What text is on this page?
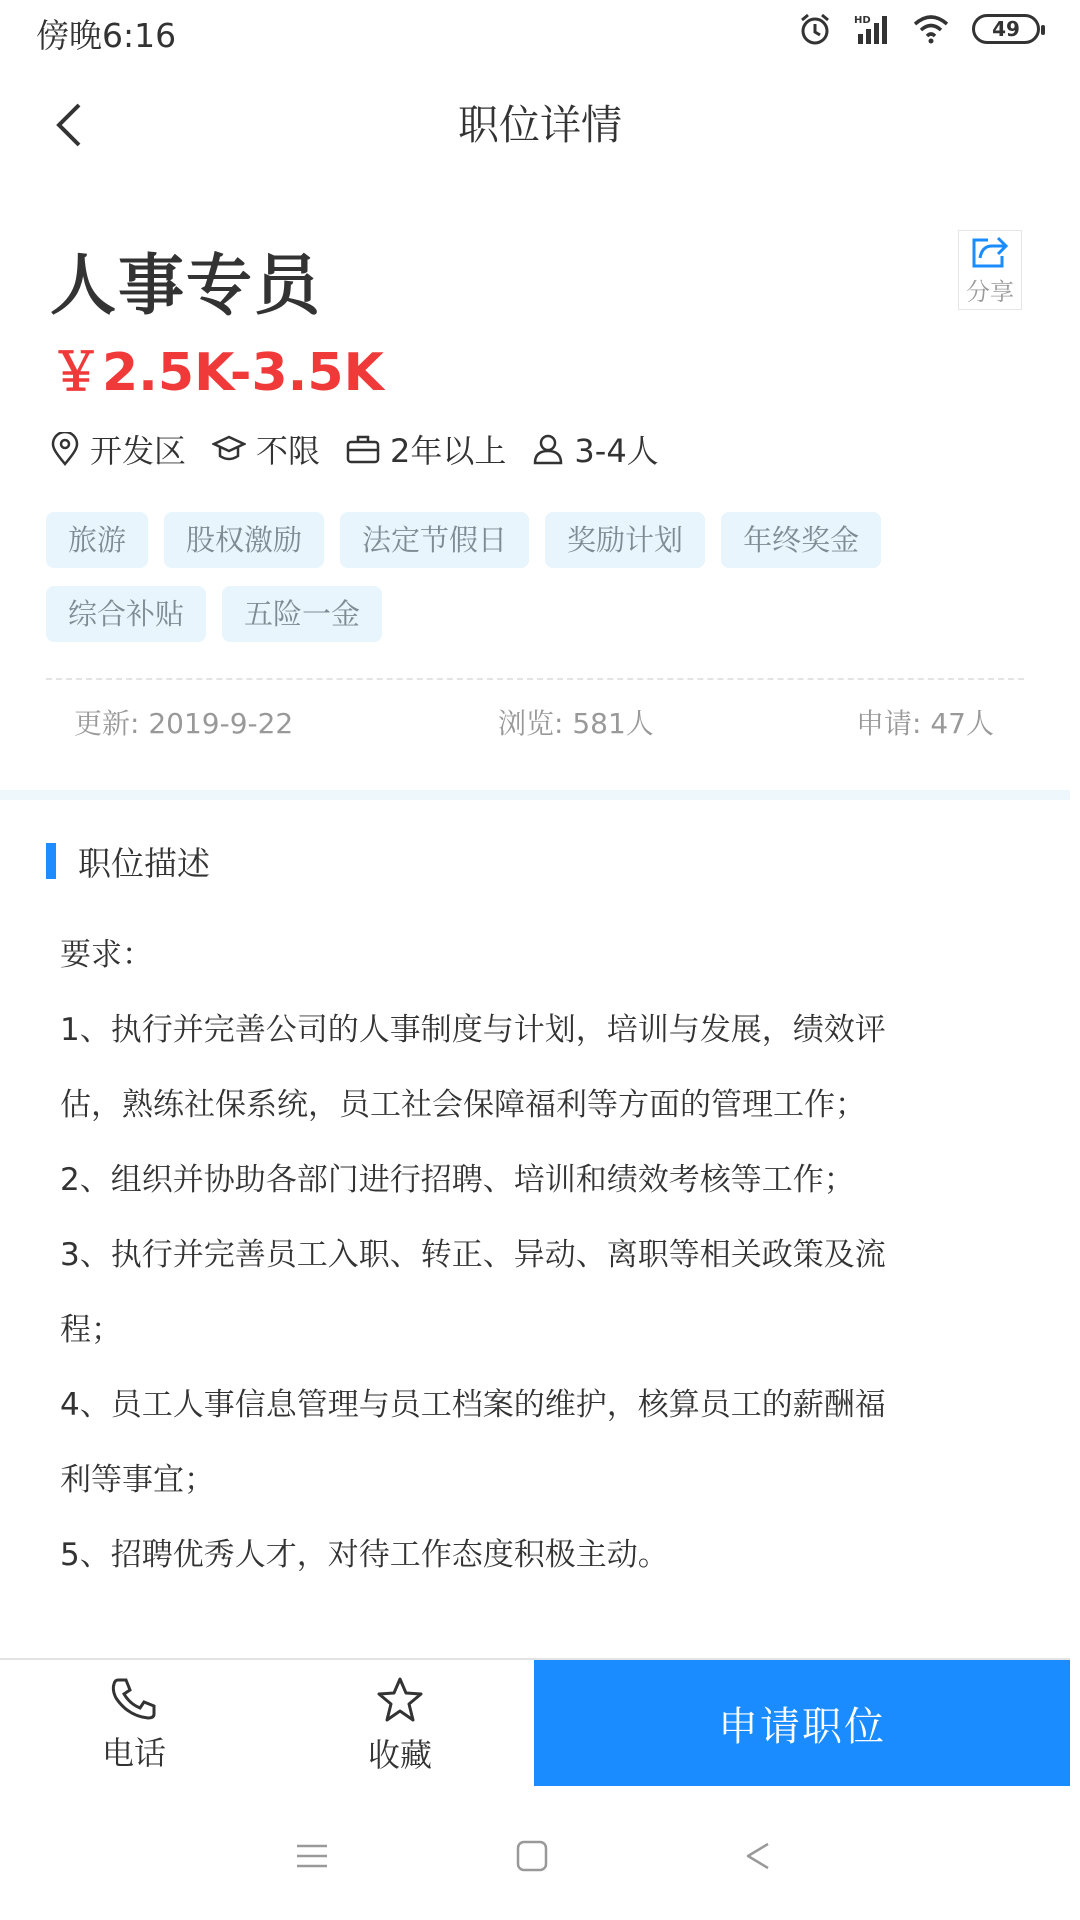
傍晚6:16	HD	49
职位详情
人事专员
￥2.5K-3.5K
分享
开发区 不限 2年以上 3-4人
旅游	股权激励	法定节假日	奖励计划	年终奖金
综合补贴	五险一金
更新: 2019-9-22	浏览: 581人	申请: 47人
职位描述
要求：
1、执行并完善公司的人事制度与计划，培训与发展，绩效评
估，熟练社保系统，员工社会保障福利等方面的管理工作；
2、组织并协助各部门进行招聘、培训和绩效考核等工作；
3、执行并完善员工入职、转正、异动、离职等相关政策及流
程；
4、员工人事信息管理与员工档案的维护，核算员工的薪酬福
利等事宜；
5、招聘优秀人才，对待工作态度积极主动。
电话	收藏
申请职位
